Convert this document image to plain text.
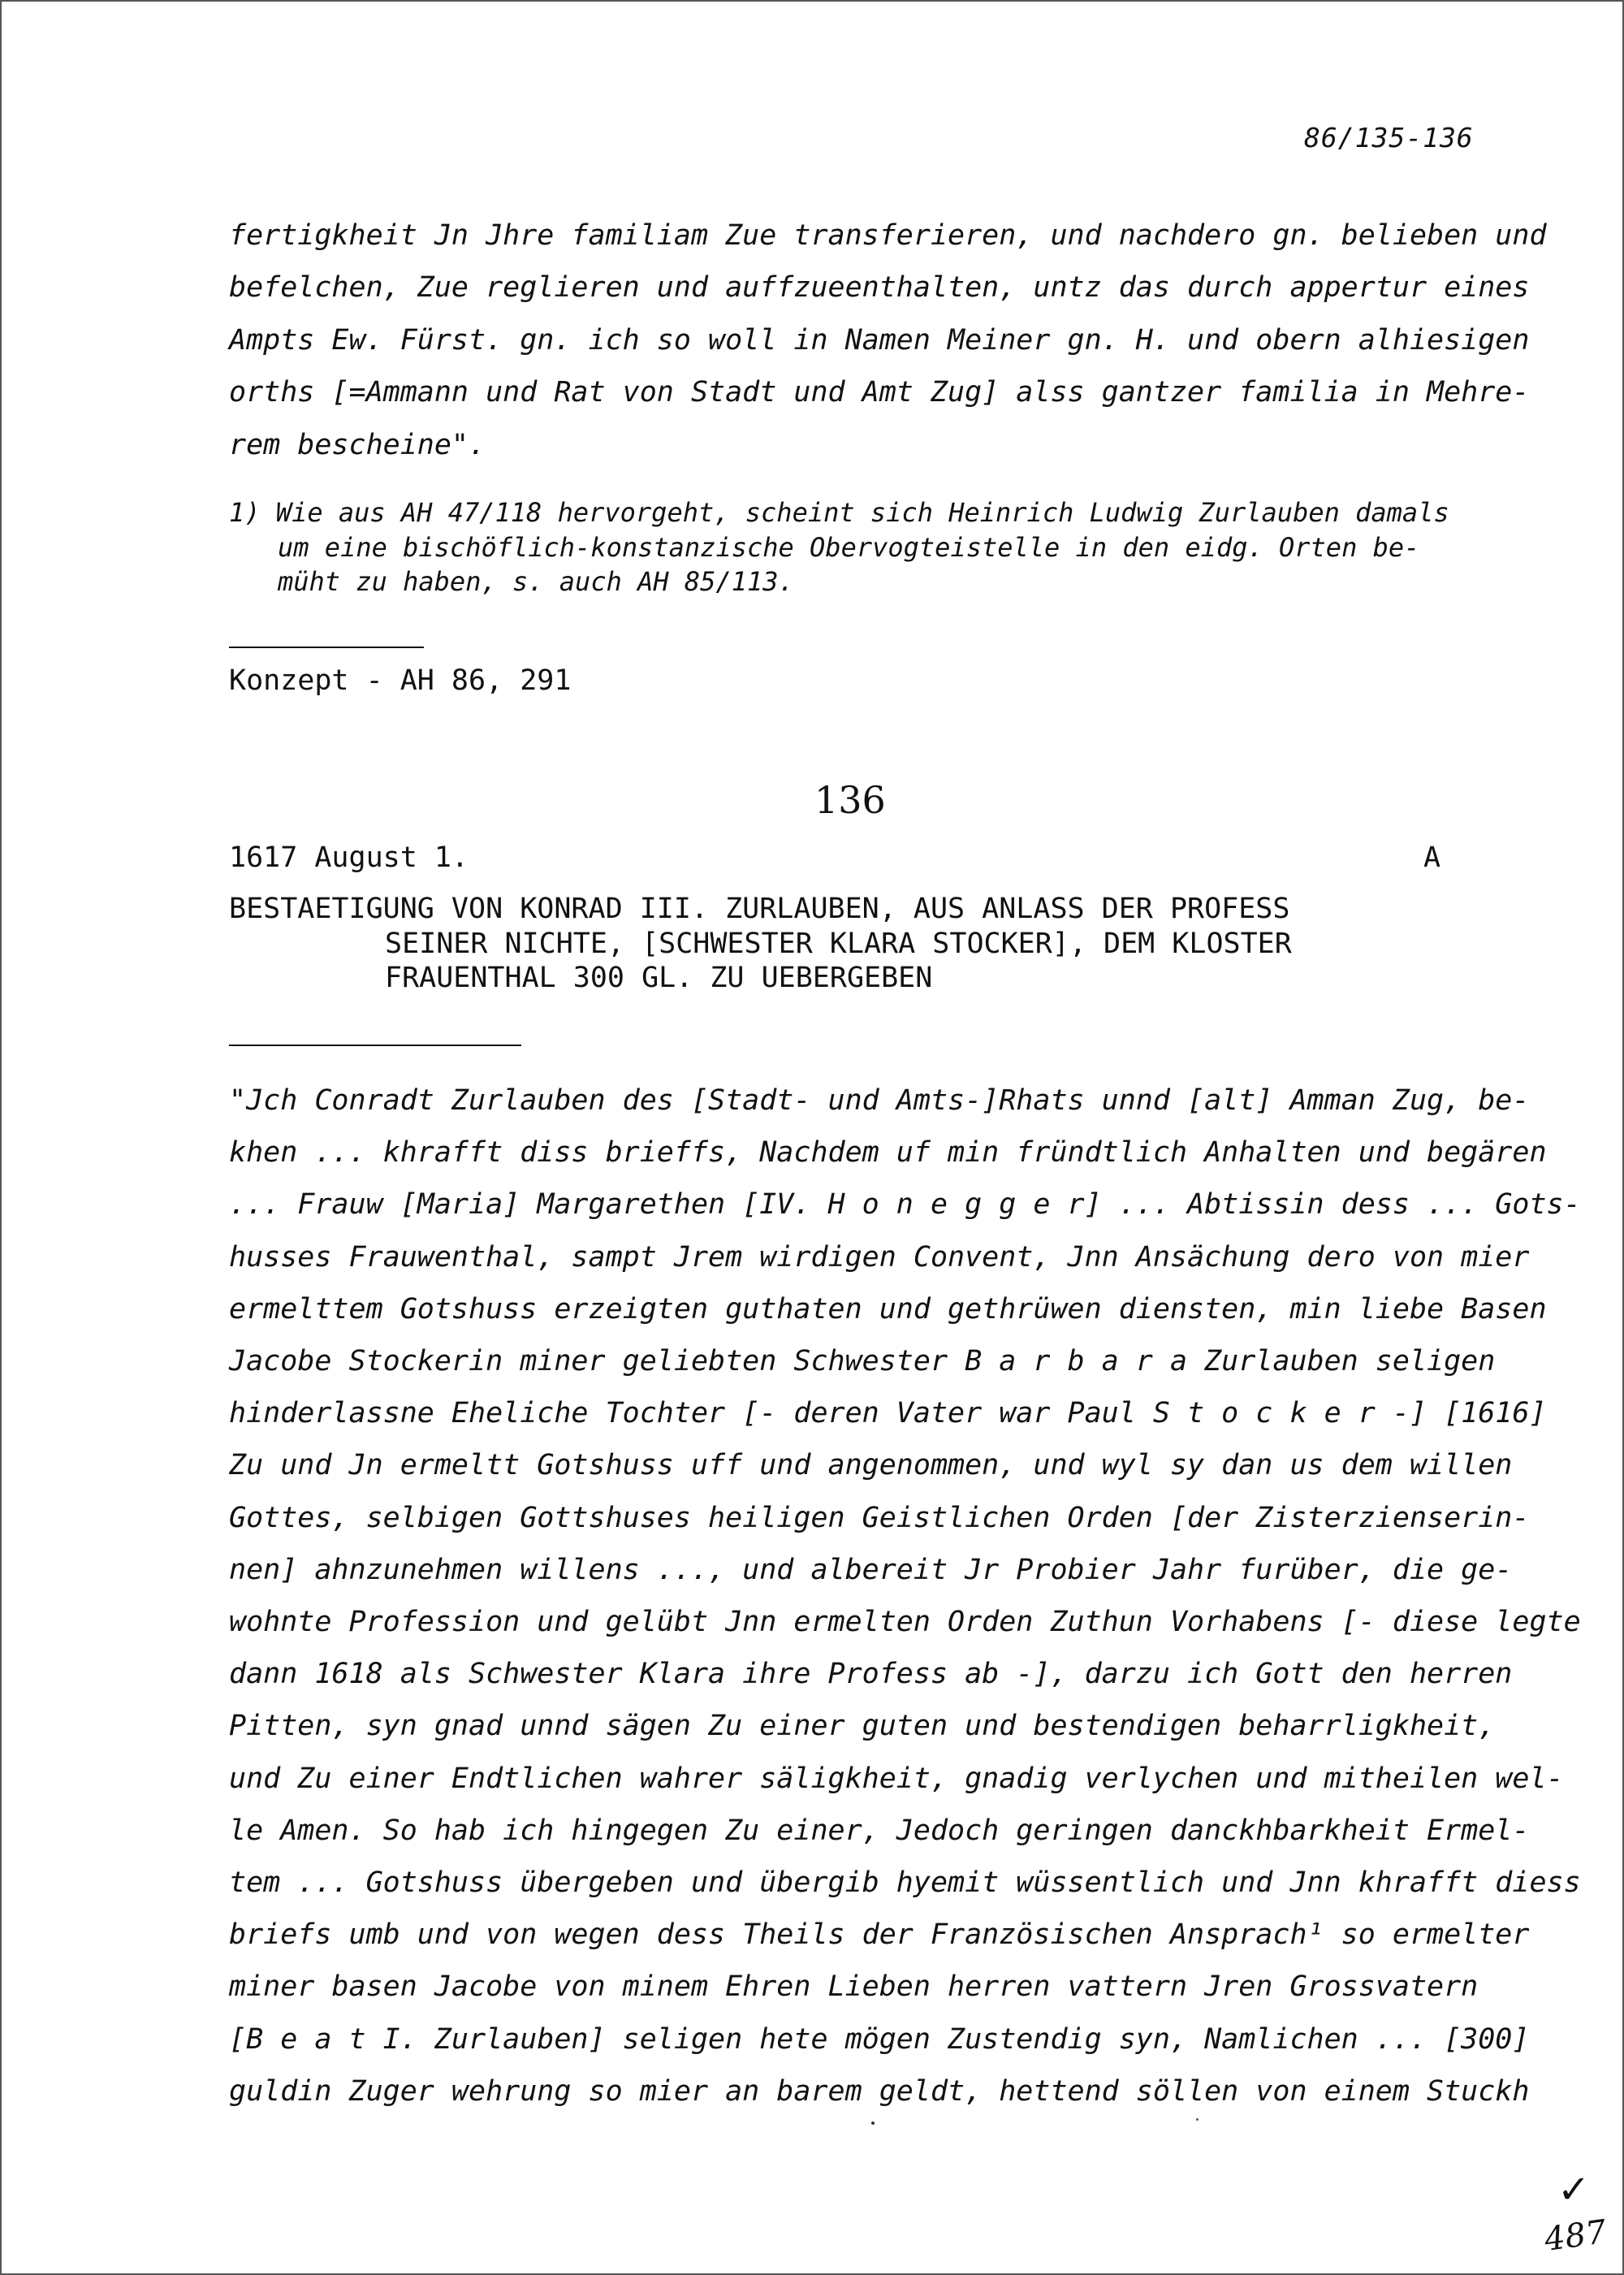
86/135-136
fertigkheit Jn Jhre familiam Zue transferieren, und nachdero gn. belieben und
befelchen, Zue reglieren und auffzueenthalten, untz das durch appertur eines
Ampts Ew. Fürst. gn. ich so woll in Namen Meiner gn. H. und obern alhiesigen
orths [=Ammann und Rat von Stadt und Amt Zug] alss gantzer familia in Mehre-
rem bescheine".
1) Wie aus AH 47/118 hervorgeht, scheint sich Heinrich Ludwig Zurlauben damals
um eine bischöflich-konstanzische Obervogteistelle in den eidg. Orten be-
müht zu haben, s. auch AH 85/113.
Konzept - AH 86, 291
136
1617 August 1.	A
BESTAETIGUNG VON KONRAD III. ZURLAUBEN, AUS ANLASS DER PROFESS
SEINER NICHTE, [SCHWESTER KLARA STOCKER], DEM KLOSTER
FRAUENTHAL 300 GL. ZU UEBERGEBEN
"Jch Conradt Zurlauben des [Stadt- und Amts-]Rhats unnd [alt] Amman Zug, be-
khen ... khrafft diss brieffs, Nachdem uf min fründtlich Anhalten und begären
... Frauw [Maria] Margarethen [IV. H o n e g g e r] ... Abtissin dess ... Gots-
husses Frauwenthal, sampt Jrem wirdigen Convent, Jnn Ansächung dero von mier
ermelttem Gotshuss erzeigten guthaten und gethrüwen diensten, min liebe Basen
Jacobe Stockerin miner geliebten Schwester B a r b a r a Zurlauben seligen
hinderlassne Eheliche Tochter [- deren Vater war Paul S t o c k e r -] [1616]
Zu und Jn ermeltt Gotshuss uff und angenommen, und wyl sy dan us dem willen
Gottes, selbigen Gottshuses heiligen Geistlichen Orden [der Zisterzienserin-
nen] ahnzunehmen willens ..., und albereit Jr Probier Jahr furüber, die ge-
wohnte Profession und gelübt Jnn ermelten Orden Zuthun Vorhabens [- diese legte
dann 1618 als Schwester Klara ihre Profess ab -], darzu ich Gott den herren
Pitten, syn gnad unnd sägen Zu einer guten und bestendigen beharrligkheit,
und Zu einer Endtlichen wahrer säligkheit, gnadig verlychen und mitheilen wel-
le Amen. So hab ich hingegen Zu einer, Jedoch geringen danckhbarkheit Ermel-
tem ... Gotshuss übergeben und übergib hyemit wüssentlich und Jnn khrafft diess
briefs umb und von wegen dess Theils der Französischen Ansprach¹ so ermelter
miner basen Jacobe von minem Ehren Lieben herren vattern Jren Grossvatern
[B e a t I. Zurlauben] seligen hete mögen Zustendig syn, Namlichen ... [300]
guldin Zuger wehrung so mier an barem geldt, hettend söllen von einem Stuckh
✓
487
